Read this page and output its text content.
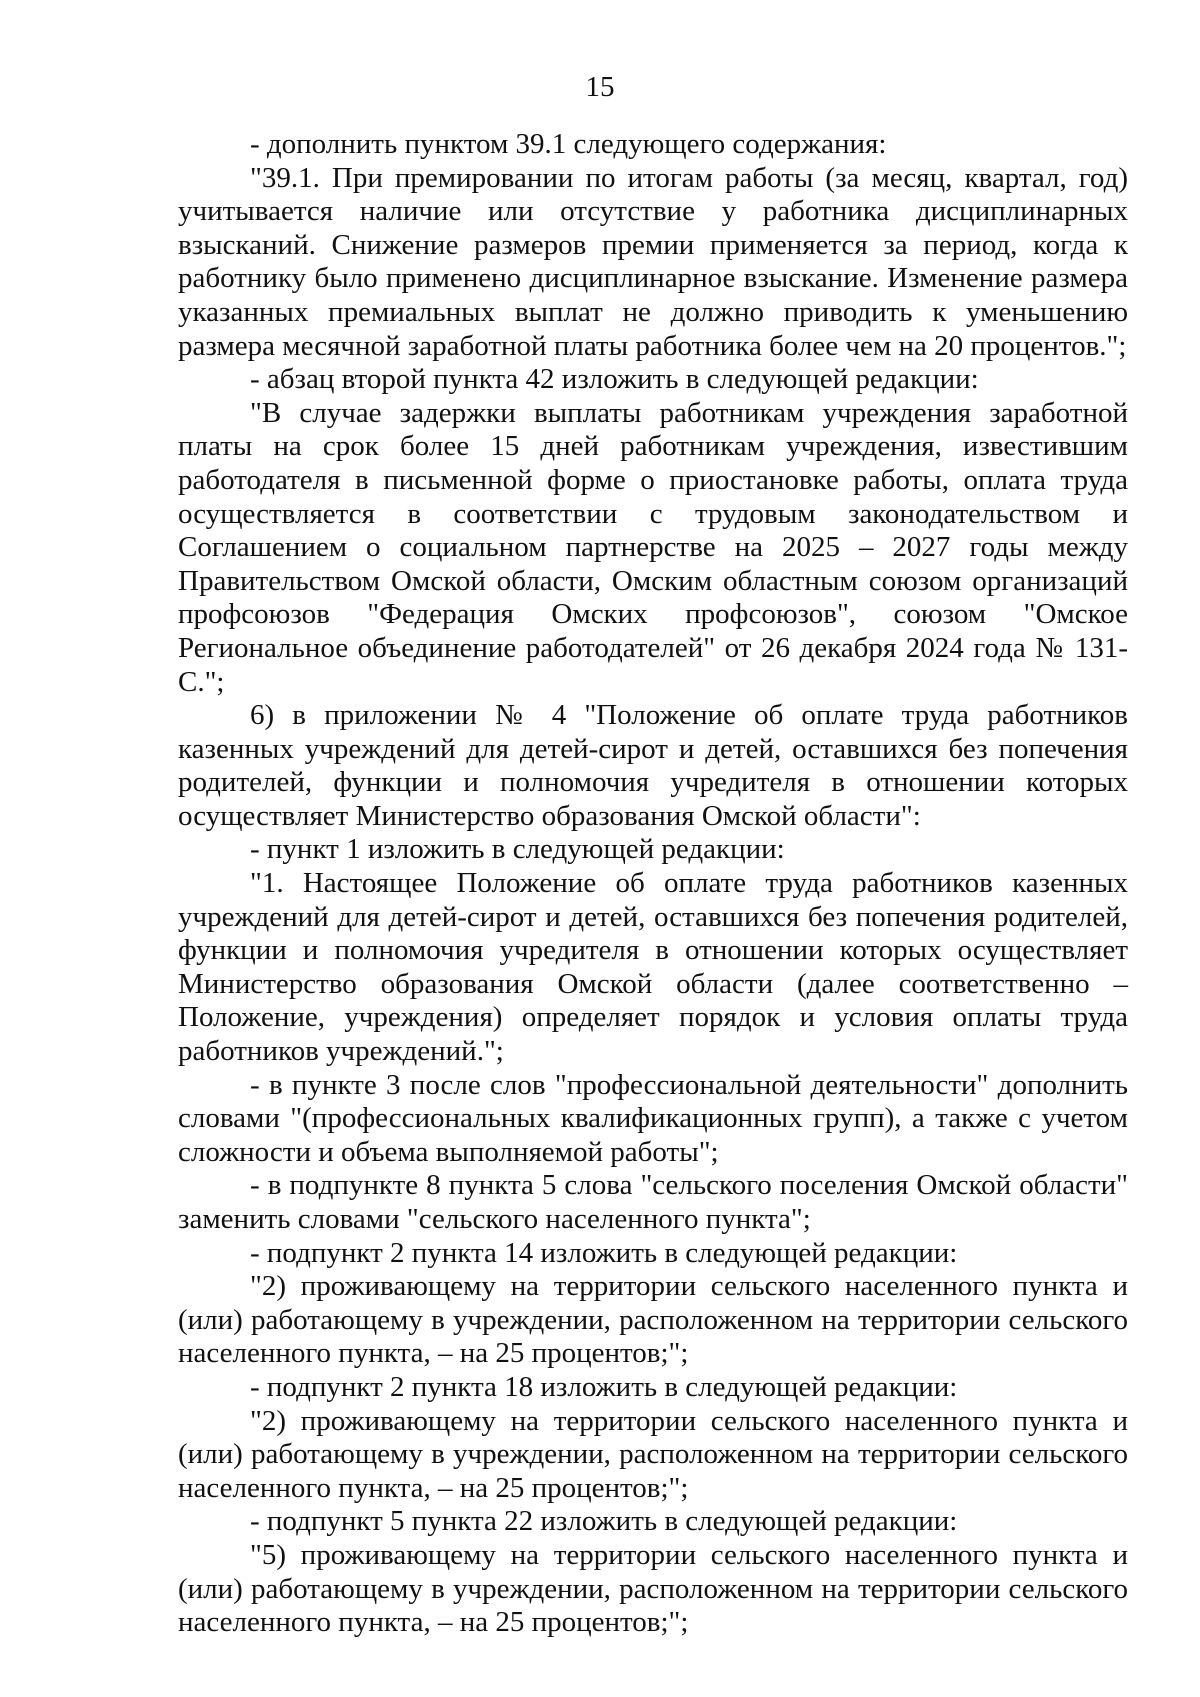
15

- дополнить пунктом 39.1 следующего содержания:

"39.1. При премировании по итогам работы (за месяц, квартал, год) учитывается наличие или отсутствие у работника дисциплинарных взысканий. Снижение размеров премии применяется за период, когда к работнику было применено дисциплинарное взыскание. Изменение размера указанных премиальных выплат не должно приводить к уменьшению размера месячной заработной платы работника более чем на 20 процентов.";

- абзац второй пункта 42 изложить в следующей редакции:

"В случае задержки выплаты работникам учреждения заработной платы на срок более 15 дней работникам учреждения, известившим работодателя в письменной форме о приостановке работы, оплата труда осуществляется в соответствии с трудовым законодательством и Соглашением о социальном партнерстве на 2025 – 2027 годы между Правительством Омской области, Омским областным союзом организаций профсоюзов "Федерация Омских профсоюзов", союзом "Омское Региональное объединение работодателей" от 26 декабря 2024 года № 131-С.";

6) в приложении № 4 "Положение об оплате труда работников казенных учреждений для детей-сирот и детей, оставшихся без попечения родителей, функции и полномочия учредителя в отношении которых осуществляет Министерство образования Омской области":

- пункт 1 изложить в следующей редакции:

"1. Настоящее Положение об оплате труда работников казенных учреждений для детей-сирот и детей, оставшихся без попечения родителей, функции и полномочия учредителя в отношении которых осуществляет Министерство образования Омской области (далее соответственно – Положение, учреждения) определяет порядок и условия оплаты труда работников учреждений.";

- в пункте 3 после слов "профессиональной деятельности" дополнить словами "(профессиональных квалификационных групп), а также с учетом сложности и объема выполняемой работы";

- в подпункте 8 пункта 5 слова "сельского поселения Омской области" заменить словами "сельского населенного пункта";

- подпункт 2 пункта 14 изложить в следующей редакции:

"2) проживающему на территории сельского населенного пункта и (или) работающему в учреждении, расположенном на территории сельского населенного пункта, – на 25 процентов;";

- подпункт 2 пункта 18 изложить в следующей редакции:

"2) проживающему на территории сельского населенного пункта и (или) работающему в учреждении, расположенном на территории сельского населенного пункта, – на 25 процентов;";

- подпункт 5 пункта 22 изложить в следующей редакции:

"5) проживающему на территории сельского населенного пункта и (или) работающему в учреждении, расположенном на территории сельского населенного пункта, – на 25 процентов;";
